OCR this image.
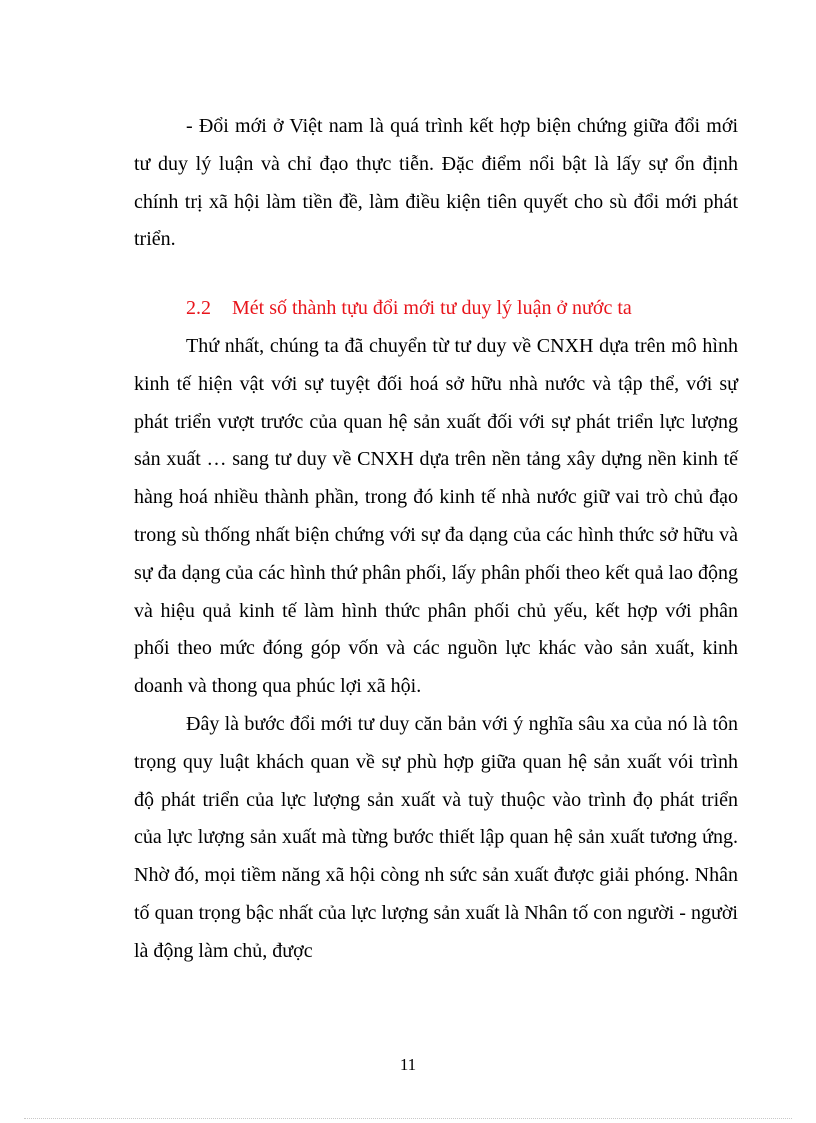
- Đổi mới ở Việt nam là quá trình kết hợp biện chứng giữa đổi mới tư duy lý luận và chỉ đạo thực tiễn. Đặc điểm nổi bật là lấy sự ổn định chính trị xã hội làm tiền đề, làm điều kiện tiên quyết cho sù đổi mới phát triển.

2.2 Mét số thành tựu đổi mới tư duy lý luận ở nước ta

Thứ nhất, chúng ta đã chuyển từ tư duy về CNXH dựa trên mô hình kinh tế hiện vật với sự tuyệt đối hoá sở hữu nhà nước và tập thể, với sự phát triển vượt trước của quan hệ sản xuất đối với sự phát triển lực lượng sản xuất … sang tư duy về CNXH dựa trên nền tảng xây dựng nền kinh tế hàng hoá nhiều thành phần, trong đó kinh tế nhà nước giữ vai trò chủ đạo trong sù thống nhất biện chứng với sự đa dạng của các hình thức sở hữu và sự đa dạng của các hình thứ phân phối, lấy phân phối theo kết quả lao động và hiệu quả kinh tế làm hình thức phân phối chủ yếu, kết hợp với phân phối theo mức đóng góp vốn và các nguồn lực khác vào sản xuất, kinh doanh và thong qua phúc lợi xã hội.

Đây là bước đổi mới tư duy căn bản với ý nghĩa sâu xa của nó là tôn trọng quy luật khách quan về sự phù hợp giữa quan hệ sản xuất vói trình độ phát triển của lực lượng sản xuất và tuỳ thuộc vào trình đọ phát triển của lực lượng sản xuất mà từng bước thiết lập quan hệ sản xuất tương ứng. Nhờ đó, mọi tiềm năng xã hội còng nh sức sản xuất được giải phóng. Nhân tố quan trọng bậc nhất của lực lượng sản xuất là Nhân tố con người - người là động làm chủ, được

11
